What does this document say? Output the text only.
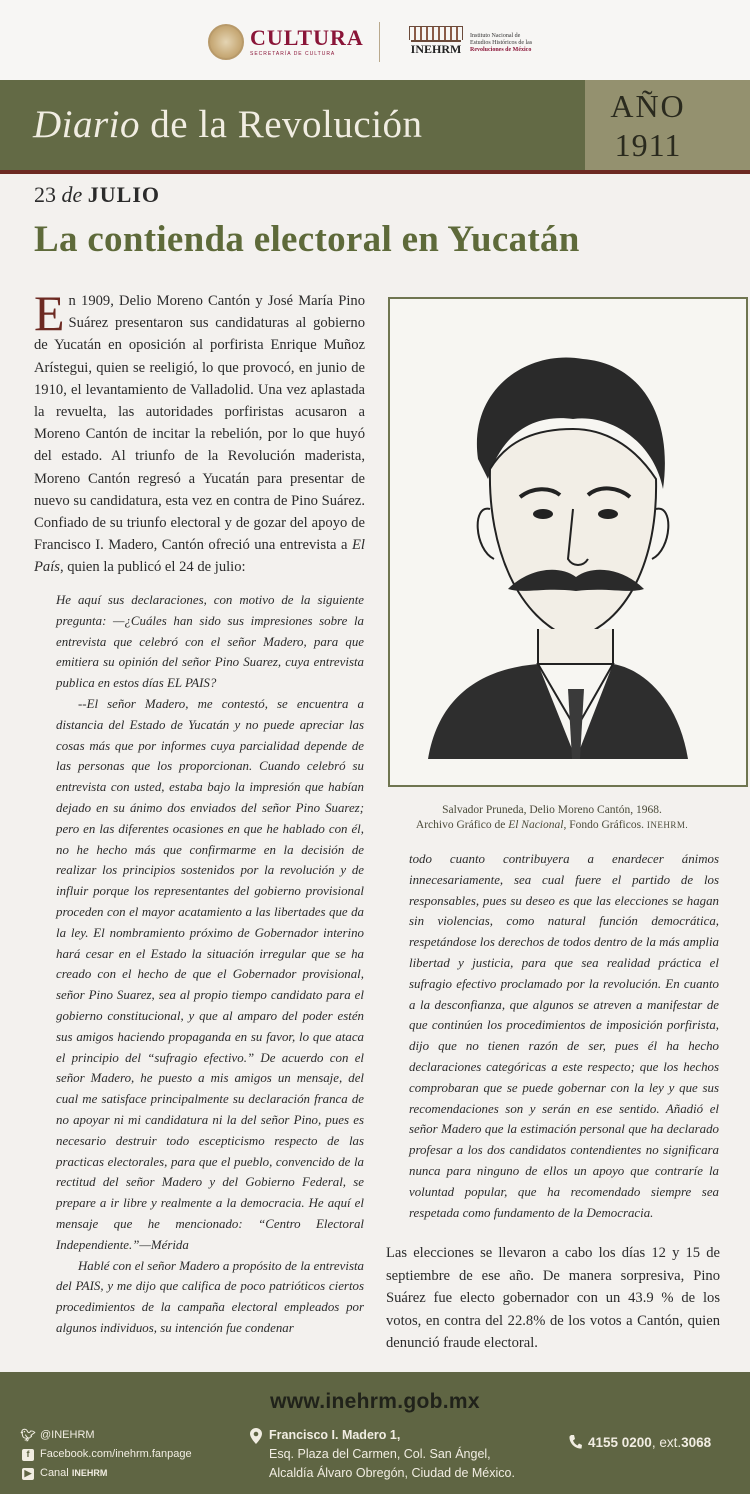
CULTURA
SECRETARÍA DE CULTURA	INEHRM
Instituto Nacional de
Estudios Históricos de las
Revoluciones de México
Diario de la Revolución	AÑO
1911
23 de JULIO
La contienda electoral en Yucatán

En 1909, Delio Moreno Cantón y José María Pino Suárez presentaron sus candidaturas al gobierno de Yucatán en oposición al porfirista Enrique Muñoz Arístegui, quien se reeligió, lo que provocó, en junio de 1910, el levantamiento de Valladolid. Una vez aplastada la revuelta, las autoridades porfiristas acusaron a Moreno Cantón de incitar la rebelión, por lo que huyó del estado. Al triunfo de la Revolución maderista, Moreno Cantón regresó a Yucatán para presentar de nuevo su candidatura, esta vez en contra de Pino Suárez. Confiado de su triunfo electoral y de gozar del apoyo de Francisco I. Madero, Cantón ofreció una entrevista a El País, quien la publicó el 24 de julio:

He aquí sus declaraciones, con motivo de la siguiente pregunta: —¿Cuáles han sido sus impresiones sobre la entrevista que celebró con el señor Madero, para que emitiera su opinión del señor Pino Suarez, cuya entrevista publica en estos días EL PAIS?

--El señor Madero, me contestó, se encuentra a distancia del Estado de Yucatán y no puede apreciar las cosas más que por informes cuya parcialidad depende de las personas que los proporcionan. Cuando celebró su entrevista con usted, estaba bajo la impresión que habían dejado en su ánimo dos enviados del señor Pino Suarez; pero en las diferentes ocasiones en que he hablado con él, no he hecho más que confirmarme en la decisión de realizar los principios sostenidos por la revolución y de influir porque los representantes del gobierno provisional proceden con el mayor acatamiento a las libertades que da la ley. El nombramiento próximo de Gobernador interino hará cesar en el Estado la situación irregular que se ha creado con el hecho de que el Gobernador provisional, señor Pino Suarez, sea al propio tiempo candidato para el gobierno constitucional, y que al amparo del poder estén sus amigos haciendo propaganda en su favor, lo que ataca el principio del “sufragio efectivo.” De acuerdo con el señor Madero, he puesto a mis amigos un mensaje, del cual me satisface principalmente su declaración franca de no apoyar ni mi candidatura ni la del señor Pino, pues es necesario destruir todo escepticismo respecto de las practicas electorales, para que el pueblo, convencido de la rectitud del señor Madero y del Gobierno Federal, se prepare a ir libre y realmente a la democracia. He aquí el mensaje que he mencionado: “Centro Electoral Independiente.”—Mérida

Hablé con el señor Madero a propósito de la entrevista del PAIS, y me dijo que califica de poco patrióticos ciertos procedimientos de la campaña electoral empleados por algunos individuos, su intención fue condenar

Salvador Pruneda, Delio Moreno Cantón, 1968.
Archivo Gráfico de El Nacional, Fondo Gráficos. INEHRM.
todo cuanto contribuyera a enardecer ánimos innecesariamente, sea cual fuere el partido de los responsables, pues su deseo es que las elecciones se hagan sin violencias, como natural función democrática, respetándose los derechos de todos dentro de la más amplia libertad y justicia, para que sea realidad práctica el sufragio efectivo proclamado por la revolución. En cuanto a la desconfianza, que algunos se atreven a manifestar de que continúen los procedimientos de imposición porfirista, dijo que no tienen razón de ser, pues él ha hecho declaraciones categóricas a este respecto; que los hechos comprobaran que se puede gobernar con la ley y que sus recomendaciones son y serán en ese sentido. Añadió el señor Madero que la estimación personal que ha declarado profesar a los dos candidatos contendientes no significara nunca para ninguno de ellos un apoyo que contraríe la voluntad popular, que ha recomendado siempre sea respetada como fundamento de la Democracia.

Las elecciones se llevaron a cabo los días 12 y 15 de septiembre de ese año. De manera sorpresiva, Pino Suárez fue electo gobernador con un 43.9 % de los votos, en contra del 22.8% de los votos a Cantón, quien denunció fraude electoral.

www.inehrm.gob.mx
🐦︎ @INEHRM
f Facebook.com/inehrm.fanpage
▶ Canal
INEHRM
Francisco I. Madero 1,
Esq. Plaza del Carmen, Col. San Ángel,
Alcaldía Álvaro Obregón, Ciudad de México.
4155 0200 , ext. 3068
